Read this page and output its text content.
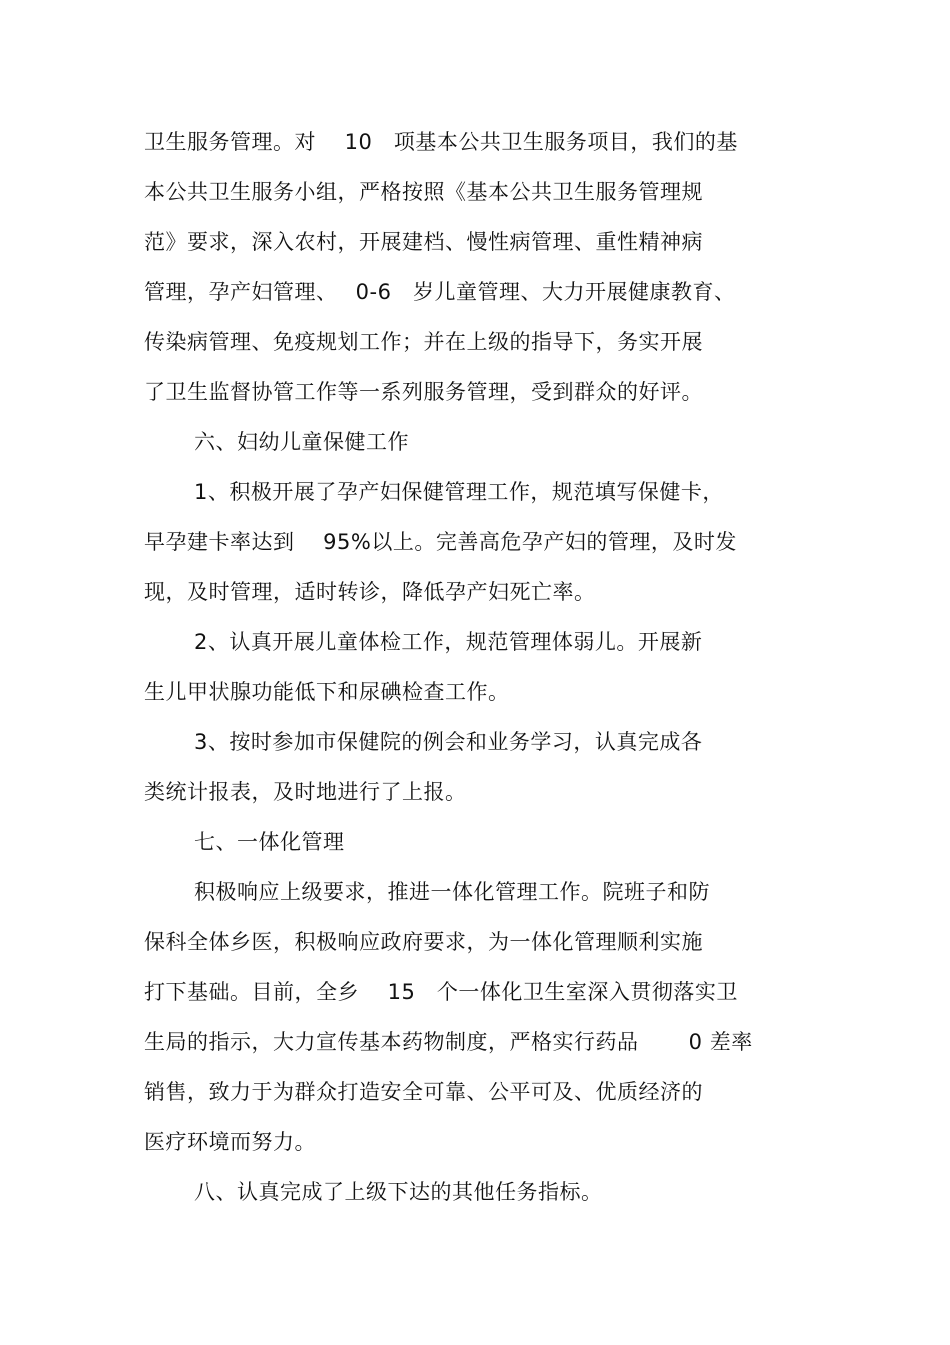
卫生服务管理。对　 10　项基本公共卫生服务项目，我们的基
本公共卫生服务小组，严格按照《基本公共卫生服务管理规
范》要求，深入农村，开展建档、慢性病管理、重性精神病
管理，孕产妇管理、　 0-6　岁儿童管理、大力开展健康教育、
传染病管理、免疫规划工作；并在上级的指导下，务实开展
了卫生监督协管工作等一系列服务管理，受到群众的好评。
六、妇幼儿童保健工作
1、积极开展了孕产妇保健管理工作，规范填写保健卡，
早孕建卡率达到　 95%以上。完善高危孕产妇的管理，及时发
现，及时管理，适时转诊，降低孕产妇死亡率。
2、认真开展儿童体检工作，规范管理体弱儿。开展新
生儿甲状腺功能低下和尿碘检查工作。
3、按时参加市保健院的例会和业务学习，认真完成各
类统计报表，及时地进行了上报。
七、一体化管理
积极响应上级要求，推进一体化管理工作。院班子和防
保科全体乡医，积极响应政府要求，为一体化管理顺利实施
打下基础。目前，全乡　 15　个一体化卫生室深入贯彻落实卫
生局的指示，大力宣传基本药物制度，严格实行药品　　 0 差率
销售，致力于为群众打造安全可靠、公平可及、优质经济的
医疗环境而努力。
八、认真完成了上级下达的其他任务指标。
